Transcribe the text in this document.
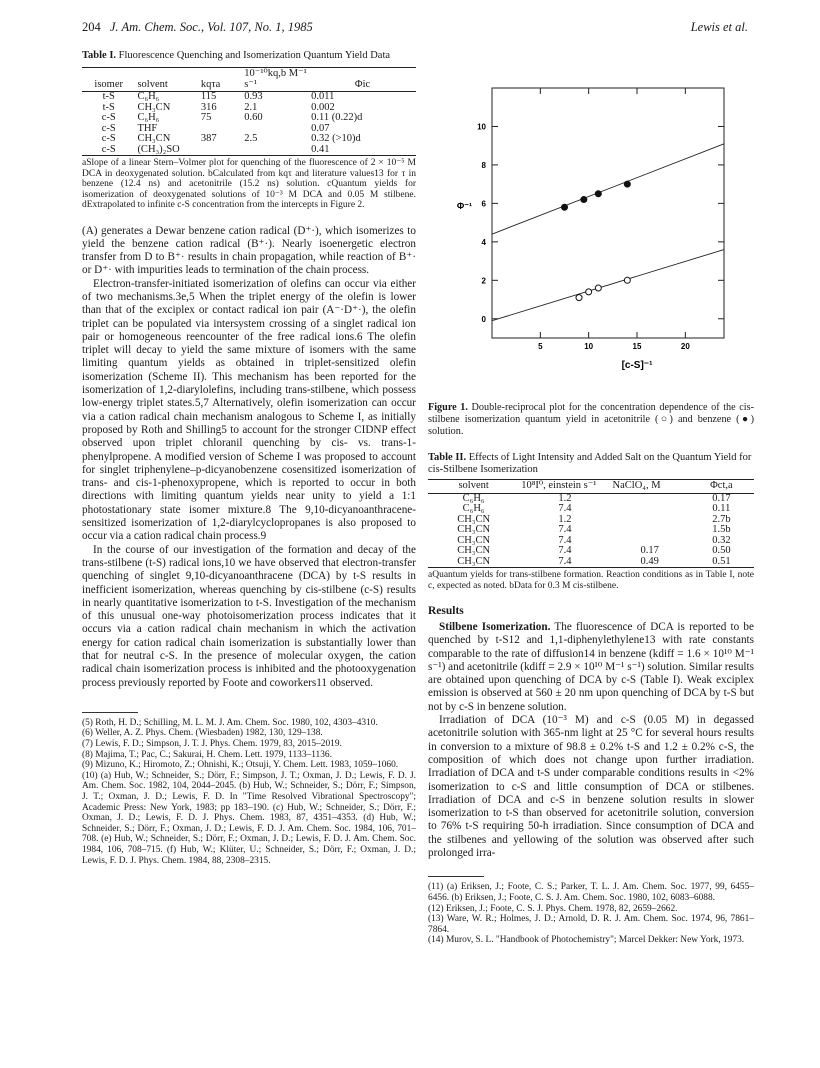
204 J. Am. Chem. Soc., Vol. 107, No. 1, 1985	Lewis et al.
Table I. Fluorescence Quenching and Isomerization Quantum Yield Data
isomer	solvent	kqτa	10⁻¹⁰kq,b M⁻¹ s⁻¹	Φic
t-S	C₆H₆	115	0.93	0.011
t-S	CH₃CN	316	2.1	0.002
c-S	C₆H₆	75	0.60	0.11 (0.22)d
c-S	THF			0.07
c-S	CH₃CN	387	2.5	0.32 (>10)d
c-S	(CH₃)₂SO			0.41
aSlope of a linear Stern–Volmer plot for quenching of the fluorescence of 2 × 10⁻⁵ M DCA in deoxygenated solution. bCalculated from kqτ and literature values13 for τ in benzene (12.4 ns) and acetonitrile (15.2 ns) solution. cQuantum yields for isomerization of deoxygenated solutions of 10⁻³ M DCA and 0.05 M stilbene. dExtrapolated to infinite c-S concentration from the intercepts in Figure 2.

(A) generates a Dewar benzene cation radical (D⁺·), which isomerizes to yield the benzene cation radical (B⁺·). Nearly isoenergetic electron transfer from D to B⁺· results in chain propagation, while reaction of B⁺· or D⁺· with impurities leads to termination of the chain process.

Electron-transfer-initiated isomerization of olefins can occur via either of two mechanisms.3e,5 When the triplet energy of the olefin is lower than that of the exciplex or contact radical ion pair (A⁻·D⁺·), the olefin triplet can be populated via intersystem crossing of a singlet radical ion pair or homogeneous reencounter of the free radical ions.6 The olefin triplet will decay to yield the same mixture of isomers with the same limiting quantum yields as obtained in triplet-sensitized olefin isomerization (Scheme II). This mechanism has been reported for the isomerization of 1,2-diarylolefins, including trans-stilbene, which possess low-energy triplet states.5,7 Alternatively, olefin isomerization can occur via a cation radical chain mechanism analogous to Scheme I, as initially proposed by Roth and Shilling5 to account for the stronger CIDNP effect observed upon triplet chloranil quenching by cis- vs. trans-1-phenylpropene. A modified version of Scheme I was proposed to account for singlet triphenylene–p-dicyanobenzene cosensitized isomerization of trans- and cis-1-phenoxypropene, which is reported to occur in both directions with limiting quantum yields near unity to yield a 1:1 photostationary state isomer mixture.8 The 9,10-dicyanoanthracene-sensitized isomerization of 1,2-diarylcyclopropanes is also proposed to occur via a cation radical chain process.9

In the course of our investigation of the formation and decay of the trans-stilbene (t-S) radical ions,10 we have observed that electron-transfer quenching of singlet 9,10-dicyanoanthracene (DCA) by t-S results in inefficient isomerization, whereas quenching by cis-stilbene (c-S) results in nearly quantitative isomerization to t-S. Investigation of the mechanism of this unusual one-way photoisomerization process indicates that it occurs via a cation radical chain mechanism in which the activation energy for cation radical chain isomerization is substantially lower than that for neutral c-S. In the presence of molecular oxygen, the cation radical chain isomerization process is inhibited and the photooxygenation process previously reported by Foote and coworkers11 observed.

(5) Roth, H. D.; Schilling, M. L. M. J. Am. Chem. Soc. 1980, 102, 4303–4310.

(6) Weller, A. Z. Phys. Chem. (Wiesbaden) 1982, 130, 129–138.

(7) Lewis, F. D.; Simpson, J. T. J. Phys. Chem. 1979, 83, 2015–2019.

(8) Majima, T.; Pac, C.; Sakurai, H. Chem. Lett. 1979, 1133–1136.

(9) Mizuno, K.; Hiromoto, Z.; Ohnishi, K.; Otsuji, Y. Chem. Lett. 1983, 1059–1060.

(10) (a) Hub, W.; Schneider, S.; Dörr, F.; Simpson, J. T.; Oxman, J. D.; Lewis, F. D. J. Am. Chem. Soc. 1982, 104, 2044–2045. (b) Hub, W.; Schneider, S.; Dörr, F.; Simpson, J. T.; Oxman, J. D.; Lewis, F. D. In "Time Resolved Vibrational Spectroscopy"; Academic Press: New York, 1983; pp 183–190. (c) Hub, W.; Schneider, S.; Dörr, F.; Oxman, J. D.; Lewis, F. D. J. Phys. Chem. 1983, 87, 4351–4353. (d) Hub, W.; Schneider, S.; Dörr, F.; Oxman, J. D.; Lewis, F. D. J. Am. Chem. Soc. 1984, 106, 701–708. (e) Hub, W.; Schneider, S.; Dörr, F.; Oxman, J. D.; Lewis, F. D. J. Am. Chem. Soc. 1984, 106, 708–715. (f) Hub, W.; Klüter, U.; Schneider, S.; Dörr, F.; Oxman, J. D.; Lewis, F. D. J. Phys. Chem. 1984, 88, 2308–2315.

0
2
4
6
8
10
5	10	15	20
Φ⁻¹
[c-S]⁻¹
Figure 1. Double-reciprocal plot for the concentration dependence of the cis-stilbene isomerization quantum yield in acetonitrile (○) and benzene (●) solution.
Table II. Effects of Light Intensity and Added Salt on the Quantum Yield for cis-Stilbene Isomerization
solvent	10⁸I⁰, einstein s⁻¹	NaClO₄, M	Φct,a
C₆H₆	1.2		0.17
C₆H₆	7.4		0.11
CH₃CN	1.2		2.7b
CH₃CN	7.4		1.5b
CH₃CN	7.4		0.32
CH₃CN	7.4	0.17	0.50
CH₃CN	7.4	0.49	0.51
aQuantum yields for trans-stilbene formation. Reaction conditions as in Table I, note c, expected as noted. bData for 0.3 M cis-stilbene.
Results

Stilbene Isomerization. The fluorescence of DCA is reported to be quenched by t-S12 and 1,1-diphenylethylene13 with rate constants comparable to the rate of diffusion14 in benzene (kdiff = 1.6 × 10¹⁰ M⁻¹ s⁻¹) and acetonitrile (kdiff = 2.9 × 10¹⁰ M⁻¹ s⁻¹) solution. Similar results are obtained upon quenching of DCA by c-S (Table I). Weak exciplex emission is observed at 560 ± 20 nm upon quenching of DCA by t-S but not by c-S in benzene solution.

Irradiation of DCA (10⁻³ M) and c-S (0.05 M) in degassed acetonitrile solution with 365-nm light at 25 °C for several hours results in conversion to a mixture of 98.8 ± 0.2% t-S and 1.2 ± 0.2% c-S, the composition of which does not change upon further irradiation. Irradiation of DCA and t-S under comparable conditions results in <2% isomerization to c-S and little consumption of DCA or stilbenes. Irradiation of DCA and c-S in benzene solution results in slower isomerization to t-S than observed for acetonitrile solution, conversion to 76% t-S requiring 50-h irradiation. Since consumption of DCA and the stilbenes and yellowing of the solution was observed after such prolonged irra-

(11) (a) Eriksen, J.; Foote, C. S.; Parker, T. L. J. Am. Chem. Soc. 1977, 99, 6455–6456. (b) Eriksen, J.; Foote, C. S. J. Am. Chem. Soc. 1980, 102, 6083–6088.

(12) Eriksen, J.; Foote, C. S. J. Phys. Chem. 1978, 82, 2659–2662.

(13) Ware, W. R.; Holmes, J. D.; Arnold, D. R. J. Am. Chem. Soc. 1974, 96, 7861–7864.

(14) Murov, S. L. "Handbook of Photochemistry"; Marcel Dekker: New York, 1973.
